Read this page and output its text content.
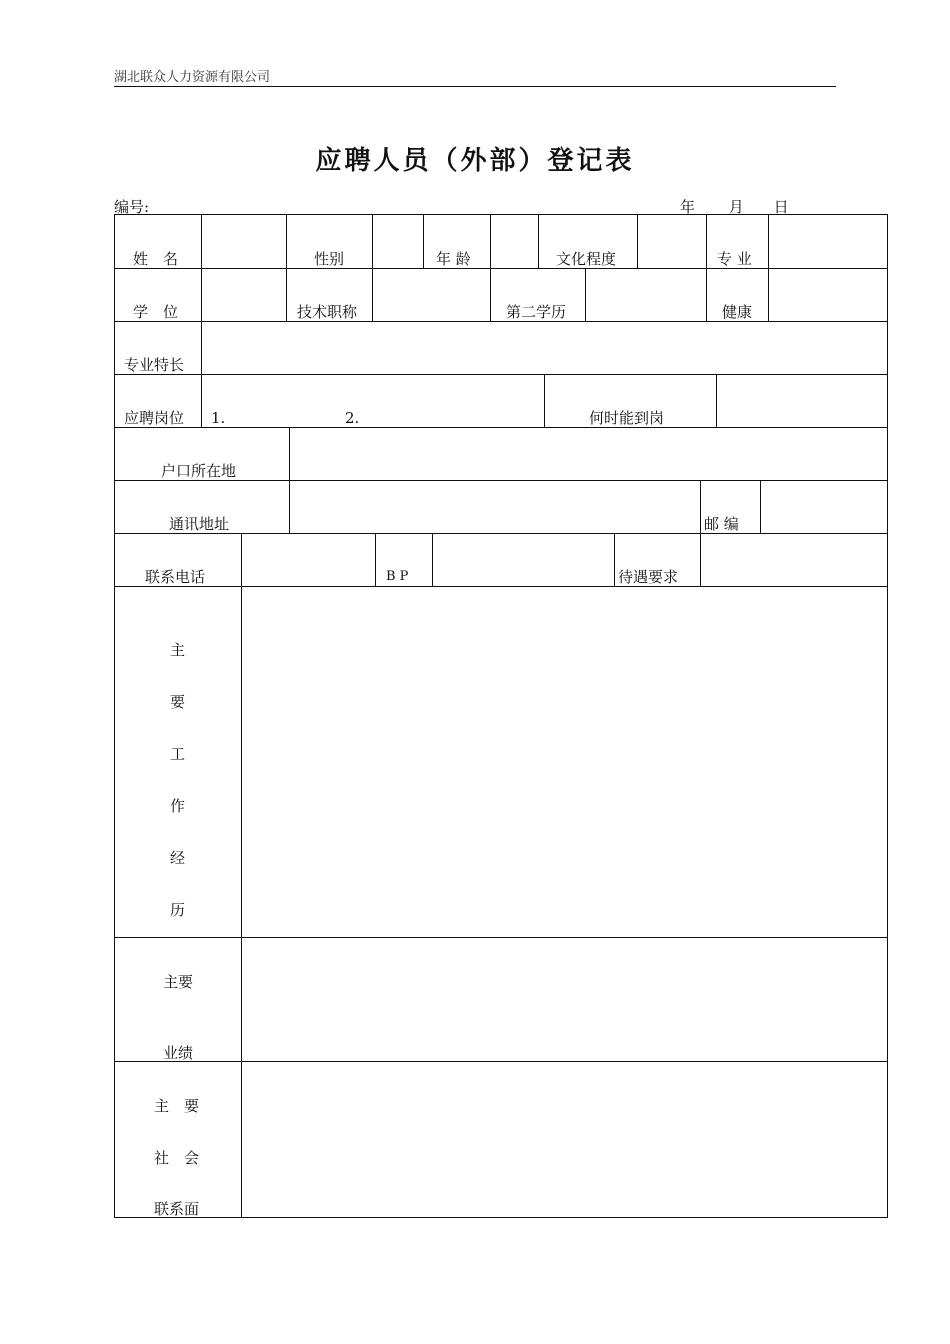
湖北联众人力资源有限公司
应聘人员（外部）登记表
编号:	年 月 日
姓　名	性别	年 龄	文化程度	专 业
学　位	技术职称	第二学历	健康
专业特长
应聘岗位 1.	2.	何时能到岗
户口所在地
通讯地址	邮 编
联系电话	B P	待遇要求
主
要
工
作
经
历
主要
业绩
主　要
社　会
联系面
